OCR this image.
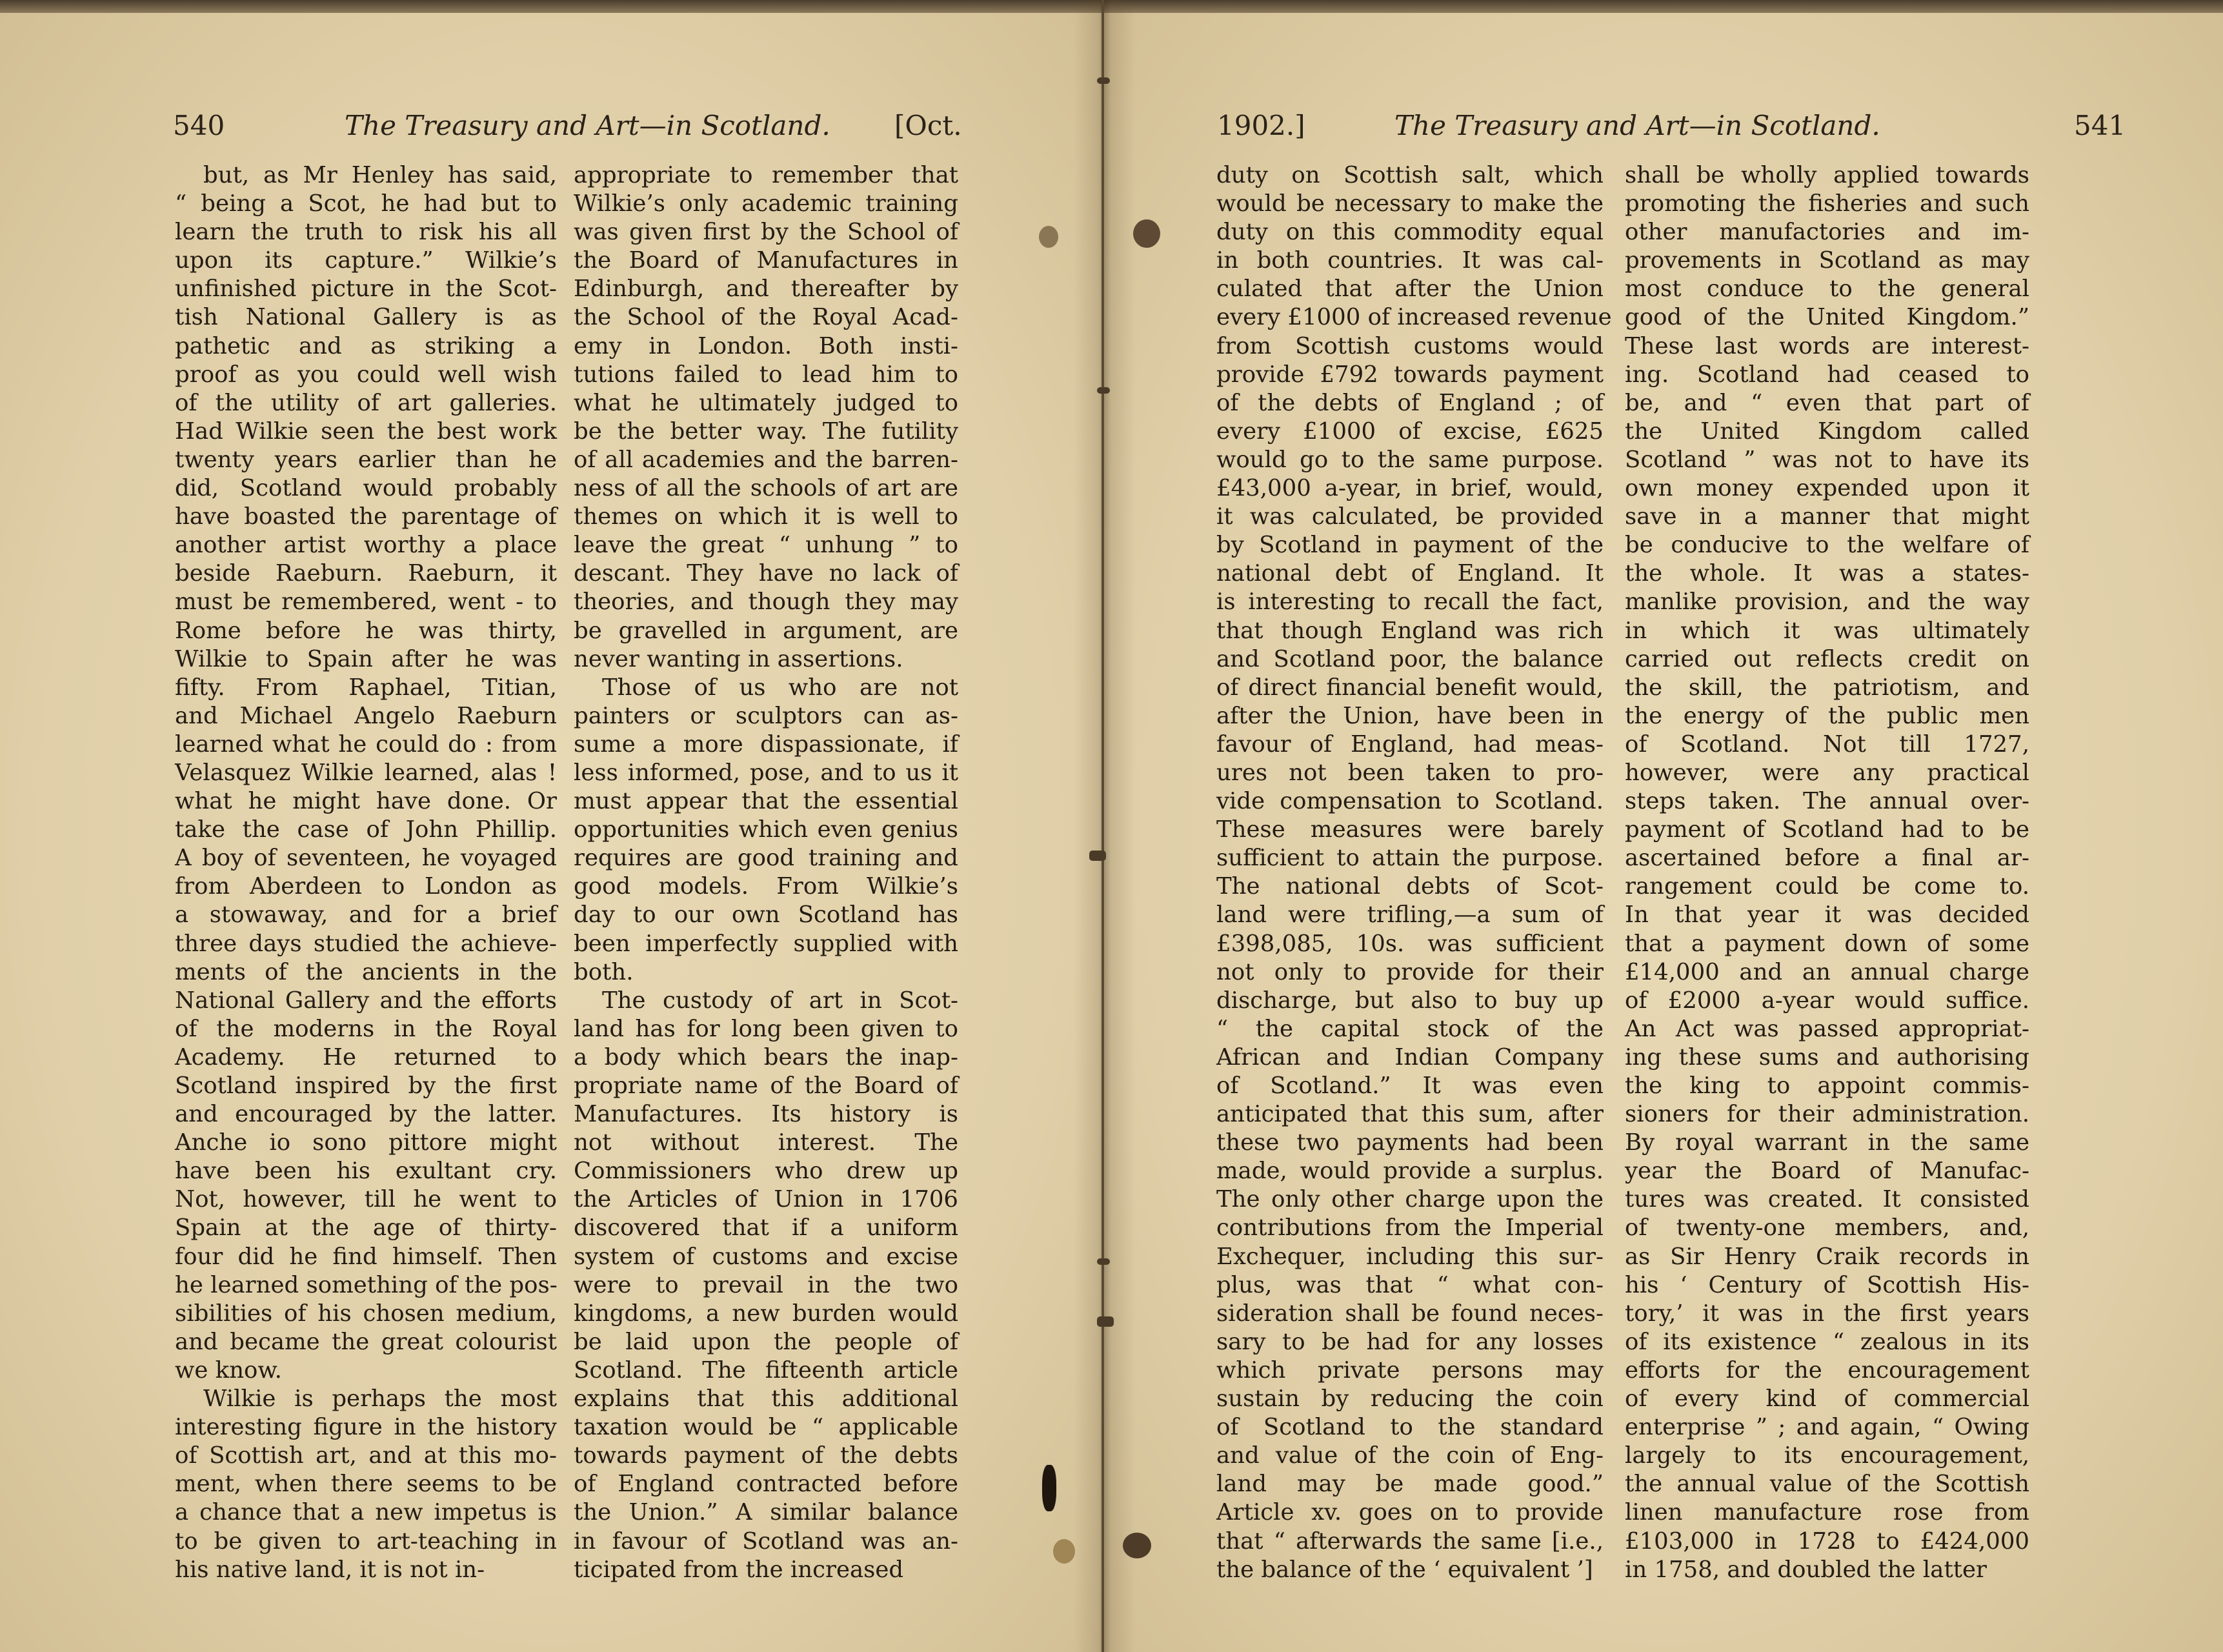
540	The Treasury and Art—in Scotland. [Oct.
but, as Mr Henley has said,
“ being a Scot, he had but to
learn the truth to risk his all
upon its capture.” Wilkie’s
unfinished picture in the Scot-
tish National Gallery is as
pathetic and as striking a
proof as you could well wish
of the utility of art galleries.
Had Wilkie seen the best work
twenty years earlier than he
did, Scotland would probably
have boasted the parentage of
another artist worthy a place
beside Raeburn. Raeburn, it
must be remembered, went - to
Rome before he was thirty,
Wilkie to Spain after he was
fifty. From Raphael, Titian,
and Michael Angelo Raeburn
learned what he could do : from
Velasquez Wilkie learned, alas !
what he might have done. Or
take the case of John Phillip.
A boy of seventeen, he voyaged
from Aberdeen to London as
a stowaway, and for a brief
three days studied the achieve-
ments of the ancients in the
National Gallery and the efforts
of the moderns in the Royal
Academy. He returned to
Scotland inspired by the first
and encouraged by the latter.
Anche io sono pittore might
have been his exultant cry.
Not, however, till he went to
Spain at the age of thirty-
four did he find himself. Then
he learned something of the pos-
sibilities of his chosen medium,
and became the great colourist
we know.
Wilkie is perhaps the most
interesting figure in the history
of Scottish art, and at this mo-
ment, when there seems to be
a chance that a new impetus is
to be given to art-teaching in
his native land, it is not in-
appropriate to remember that
Wilkie’s only academic training
was given first by the School of
the Board of Manufactures in
Edinburgh, and thereafter by
the School of the Royal Acad-
emy in London. Both insti-
tutions failed to lead him to
what he ultimately judged to
be the better way. The futility
of all academies and the barren-
ness of all the schools of art are
themes on which it is well to
leave the great “ unhung ” to
descant. They have no lack of
theories, and though they may
be gravelled in argument, are
never wanting in assertions.
Those of us who are not
painters or sculptors can as-
sume a more dispassionate, if
less informed, pose, and to us it
must appear that the essential
opportunities which even genius
requires are good training and
good models. From Wilkie’s
day to our own Scotland has
been imperfectly supplied with
both.
The custody of art in Scot-
land has for long been given to
a body which bears the inap-
propriate name of the Board of
Manufactures. Its history is
not without interest. The
Commissioners who drew up
the Articles of Union in 1706
discovered that if a uniform
system of customs and excise
were to prevail in the two
kingdoms, a new burden would
be laid upon the people of
Scotland. The fifteenth article
explains that this additional
taxation would be “ applicable
towards payment of the debts
of England contracted before
the Union.” A similar balance
in favour of Scotland was an-
ticipated from the increased
1902.]	The Treasury and Art—in Scotland.	541
duty on Scottish salt, which
would be necessary to make the
duty on this commodity equal
in both countries. It was cal-
culated that after the Union
every £1000 of increased revenue
from Scottish customs would
provide £792 towards payment
of the debts of England ; of
every £1000 of excise, £625
would go to the same purpose.
£43,000 a-year, in brief, would,
it was calculated, be provided
by Scotland in payment of the
national debt of England. It
is interesting to recall the fact,
that though England was rich
and Scotland poor, the balance
of direct financial benefit would,
after the Union, have been in
favour of England, had meas-
ures not been taken to pro-
vide compensation to Scotland.
These measures were barely
sufficient to attain the purpose.
The national debts of Scot-
land were trifling,—a sum of
£398,085, 10s. was sufficient
not only to provide for their
discharge, but also to buy up
“ the capital stock of the
African and Indian Company
of Scotland.” It was even
anticipated that this sum, after
these two payments had been
made, would provide a surplus.
The only other charge upon the
contributions from the Imperial
Exchequer, including this sur-
plus, was that “ what con-
sideration shall be found neces-
sary to be had for any losses
which private persons may
sustain by reducing the coin
of Scotland to the standard
and value of the coin of Eng-
land may be made good.”
Article xv. goes on to provide
that “ afterwards the same [i.e.,
the balance of the ‘ equivalent ’]
shall be wholly applied towards
promoting the fisheries and such
other manufactories and im-
provements in Scotland as may
most conduce to the general
good of the United Kingdom.”
These last words are interest-
ing. Scotland had ceased to
be, and “ even that part of
the United Kingdom called
Scotland ” was not to have its
own money expended upon it
save in a manner that might
be conducive to the welfare of
the whole. It was a states-
manlike provision, and the way
in which it was ultimately
carried out reflects credit on
the skill, the patriotism, and
the energy of the public men
of Scotland. Not till 1727,
however, were any practical
steps taken. The annual over-
payment of Scotland had to be
ascertained before a final ar-
rangement could be come to.
In that year it was decided
that a payment down of some
£14,000 and an annual charge
of £2000 a-year would suffice.
An Act was passed appropriat-
ing these sums and authorising
the king to appoint commis-
sioners for their administration.
By royal warrant in the same
year the Board of Manufac-
tures was created. It consisted
of twenty-one members, and,
as Sir Henry Craik records in
his ‘ Century of Scottish His-
tory,’ it was in the first years
of its existence “ zealous in its
efforts for the encouragement
of every kind of commercial
enterprise ” ; and again, “ Owing
largely to its encouragement,
the annual value of the Scottish
linen manufacture rose from
£103,000 in 1728 to £424,000
in 1758, and doubled the latter
